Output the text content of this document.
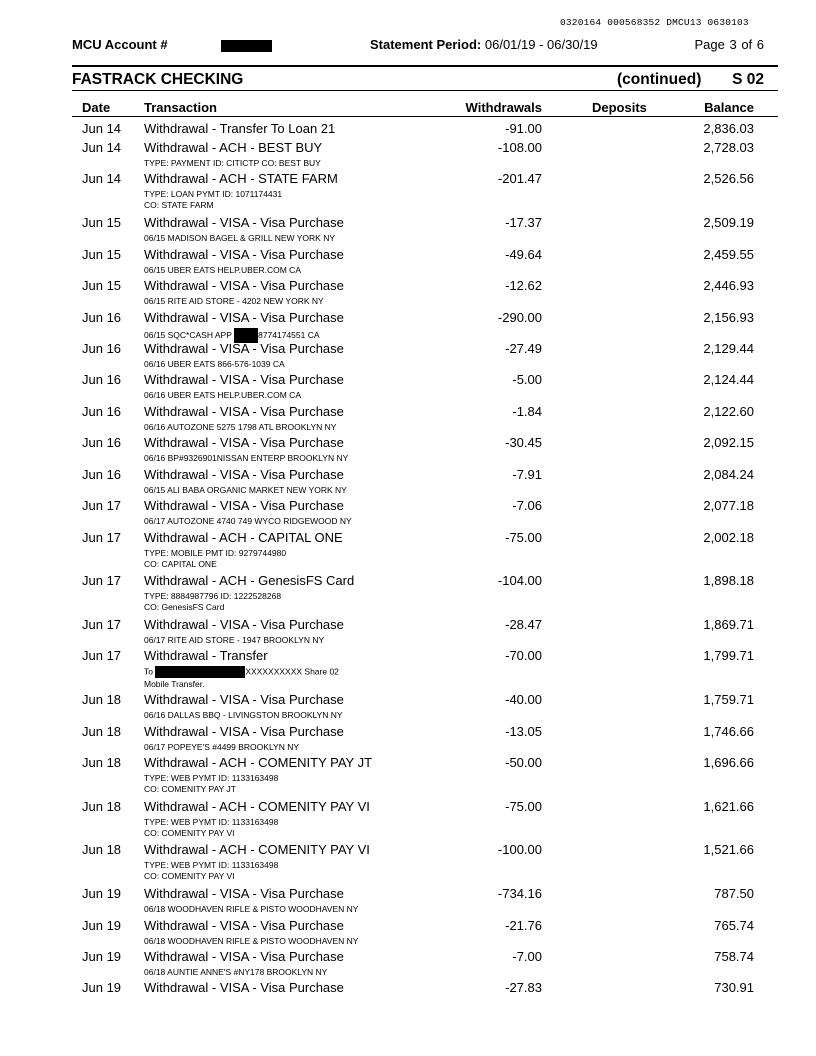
0320164 000568352 DMCU13 0630103
MCU Account #	Statement Period: 06/01/19 - 06/30/19	Page 3 of 6
FASTRACK CHECKING	(continued) S 02
Date	Transaction	Withdrawals	Deposits	Balance
Jun 14 Withdrawal - Transfer To Loan 21	-91.00	2,836.03
Jun 14 Withdrawal - ACH - BEST BUY	-108.00	2,728.03
TYPE: PAYMENT ID: CITICTP CO: BEST BUY
Jun 14 Withdrawal - ACH - STATE FARM	-201.47	2,526.56
TYPE: LOAN PYMT ID: 1071174431
CO: STATE FARM
Jun 15 Withdrawal - VISA - Visa Purchase	-17.37	2,509.19
06/15 MADISON BAGEL & GRILL NEW YORK NY
Jun 15 Withdrawal - VISA - Visa Purchase	-49.64	2,459.55
06/15 UBER EATS HELP.UBER.COM CA
Jun 15 Withdrawal - VISA - Visa Purchase	-12.62	2,446.93
06/15 RITE AID STORE - 4202 NEW YORK NY
Jun 16 Withdrawal - VISA - Visa Purchase	-290.00	2,156.93
06/15 SQC*CASH APP	8774174551 CA
Jun 16 Withdrawal - VISA - Visa Purchase	-27.49	2,129.44
06/16 UBER EATS 866-576-1039 CA
Jun 16 Withdrawal - VISA - Visa Purchase	-5.00	2,124.44
06/16 UBER EATS HELP.UBER.COM CA
Jun 16 Withdrawal - VISA - Visa Purchase	-1.84	2,122.60
06/16 AUTOZONE 5275 1798 ATL BROOKLYN NY
Jun 16 Withdrawal - VISA - Visa Purchase	-30.45	2,092.15
06/16 BP#9326901NISSAN ENTERP BROOKLYN NY
Jun 16 Withdrawal - VISA - Visa Purchase	-7.91	2,084.24
06/15 ALI BABA ORGANIC MARKET NEW YORK NY
Jun 17 Withdrawal - VISA - Visa Purchase	-7.06	2,077.18
06/17 AUTOZONE 4740 749 WYCO RIDGEWOOD NY
Jun 17 Withdrawal - ACH - CAPITAL ONE	-75.00	2,002.18
TYPE: MOBILE PMT ID: 9279744980
CO: CAPITAL ONE
Jun 17 Withdrawal - ACH - GenesisFS Card	-104.00	1,898.18
TYPE: 8884987796 ID: 1222528268
CO: GenesisFS Card
Jun 17 Withdrawal - VISA - Visa Purchase	-28.47	1,869.71
06/17 RITE AID STORE - 1947 BROOKLYN NY
Jun 17 Withdrawal - Transfer	-70.00	1,799.71
To	XXXXXXXXXX Share 02
Mobile Transfer.
Jun 18 Withdrawal - VISA - Visa Purchase	-40.00	1,759.71
06/16 DALLAS BBQ - LIVINGSTON BROOKLYN NY
Jun 18 Withdrawal - VISA - Visa Purchase	-13.05	1,746.66
06/17 POPEYE'S #4499 BROOKLYN NY
Jun 18 Withdrawal - ACH - COMENITY PAY JT	-50.00	1,696.66
TYPE: WEB PYMT ID: 1133163498
CO: COMENITY PAY JT
Jun 18 Withdrawal - ACH - COMENITY PAY VI	-75.00	1,621.66
TYPE: WEB PYMT ID: 1133163498
CO: COMENITY PAY VI
Jun 18 Withdrawal - ACH - COMENITY PAY VI	-100.00	1,521.66
TYPE: WEB PYMT ID: 1133163498
CO: COMENITY PAY VI
Jun 19 Withdrawal - VISA - Visa Purchase	-734.16	787.50
06/18 WOODHAVEN RIFLE & PISTO WOODHAVEN NY
Jun 19 Withdrawal - VISA - Visa Purchase	-21.76	765.74
06/18 WOODHAVEN RIFLE & PISTO WOODHAVEN NY
Jun 19 Withdrawal - VISA - Visa Purchase	-7.00	758.74
06/18 AUNTIE ANNE'S #NY178 BROOKLYN NY
Jun 19 Withdrawal - VISA - Visa Purchase	-27.83	730.91
